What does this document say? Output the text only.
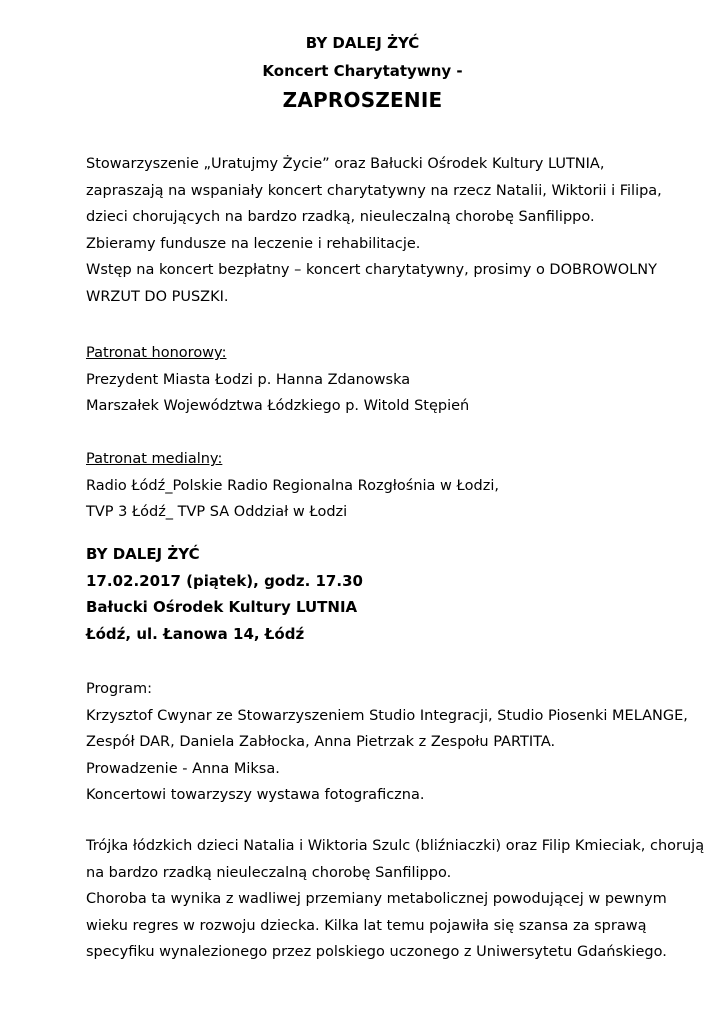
BY DALEJ ŻYĆ
Koncert Charytatywny -
ZAPROSZENIE
Stowarzyszenie „Uratujmy Życie” oraz Bałucki Ośrodek Kultury LUTNIA,
zapraszają na wspaniały koncert charytatywny na rzecz Natalii, Wiktorii i Filipa,
dzieci chorujących na bardzo rzadką, nieuleczalną chorobę Sanfilippo.
Zbieramy fundusze na leczenie i rehabilitacje.
Wstęp na koncert bezpłatny – koncert charytatywny, prosimy o DOBROWOLNY
WRZUT DO PUSZKI.
Patronat honorowy:
Prezydent Miasta Łodzi p. Hanna Zdanowska
Marszałek Województwa Łódzkiego p. Witold Stępień
Patronat medialny:
Radio Łódź_Polskie Radio Regionalna Rozgłośnia w Łodzi,
TVP 3 Łódź_ TVP SA Oddział w Łodzi
BY DALEJ ŻYĆ
17.02.2017 (piątek), godz. 17.30
Bałucki Ośrodek Kultury LUTNIA
Łódź, ul. Łanowa 14, Łódź
Program:
Krzysztof Cwynar ze Stowarzyszeniem Studio Integracji, Studio Piosenki MELANGE,
Zespół DAR, Daniela Zabłocka, Anna Pietrzak z Zespołu PARTITA.
Prowadzenie - Anna Miksa.
Koncertowi towarzyszy wystawa fotograficzna.
Trójka łódzkich dzieci Natalia i Wiktoria Szulc (bliźniaczki) oraz Filip Kmieciak, chorują
na bardzo rzadką nieuleczalną chorobę Sanfilippo.
Choroba ta wynika z wadliwej przemiany metabolicznej powodującej w pewnym
wieku regres w rozwoju dziecka. Kilka lat temu pojawiła się szansa za sprawą
specyfiku wynalezionego przez polskiego uczonego z Uniwersytetu Gdańskiego.
